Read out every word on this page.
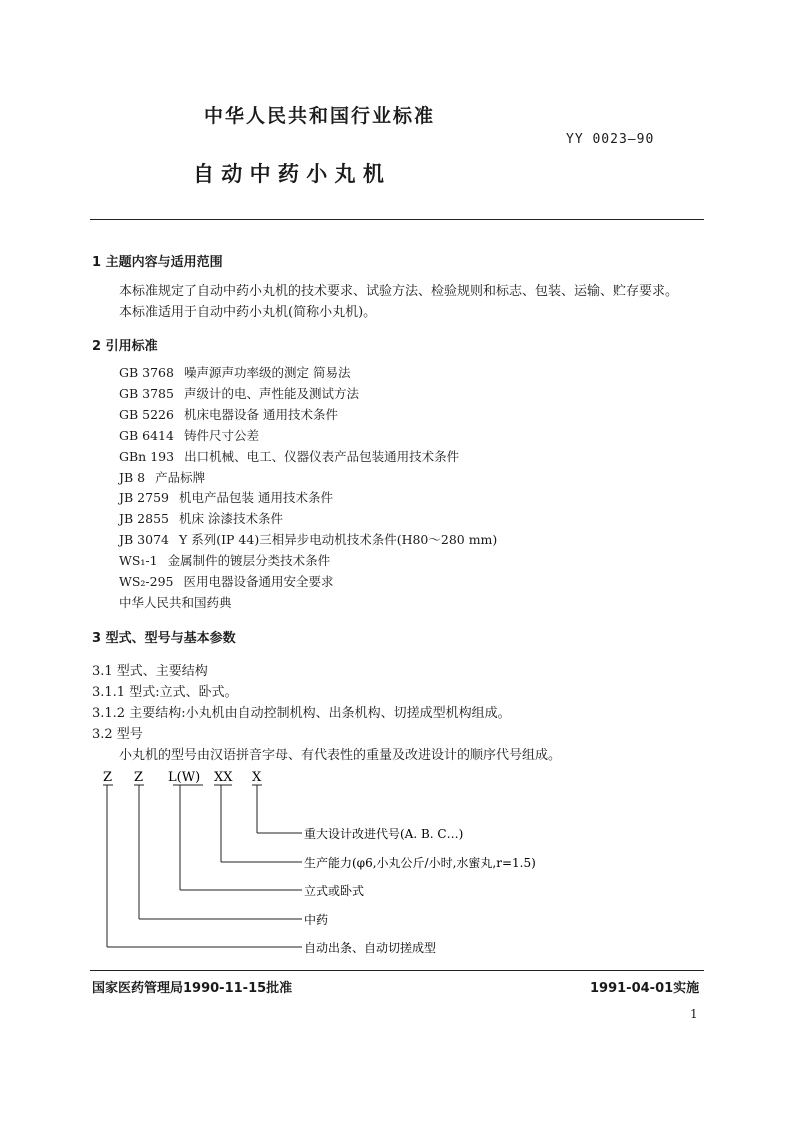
中华人民共和国行业标准
YY 0023—90
自 动 中 药 小 丸 机
1 主题内容与适用范围
本标准规定了自动中药小丸机的技术要求、试验方法、检验规则和标志、包装、运输、贮存要求。
本标准适用于自动中药小丸机(简称小丸机)。
2 引用标准
GB 3768 噪声源声功率级的测定 简易法
GB 3785 声级计的电、声性能及测试方法
GB 5226 机床电器设备 通用技术条件
GB 6414 铸件尺寸公差
GBn 193 出口机械、电工、仪器仪表产品包装通用技术条件
JB 8 产品标牌
JB 2759 机电产品包装 通用技术条件
JB 2855 机床 涂漆技术条件
JB 3074 Y 系列(IP 44)三相异步电动机技术条件(H80～280 mm)
WS₁-1 金属制件的镀层分类技术条件
WS₂-295 医用电器设备通用安全要求
中华人民共和国药典
3 型式、型号与基本参数
3.1 型式、主要结构
3.1.1 型式:立式、卧式。
3.1.2 主要结构:小丸机由自动控制机构、出条机构、切搓成型机构组成。
3.2 型号
小丸机的型号由汉语拼音字母、有代表性的重量及改进设计的顺序代号组成。
Z Z L(W) XX X
重大设计改进代号(A. B. C…)
生产能力(φ6,小丸公斤/小时,水蜜丸,r=1.5)
立式或卧式
中药
自动出条、自动切搓成型
国家医药管理局1990-11-15批准	1991-04-01实施
1
